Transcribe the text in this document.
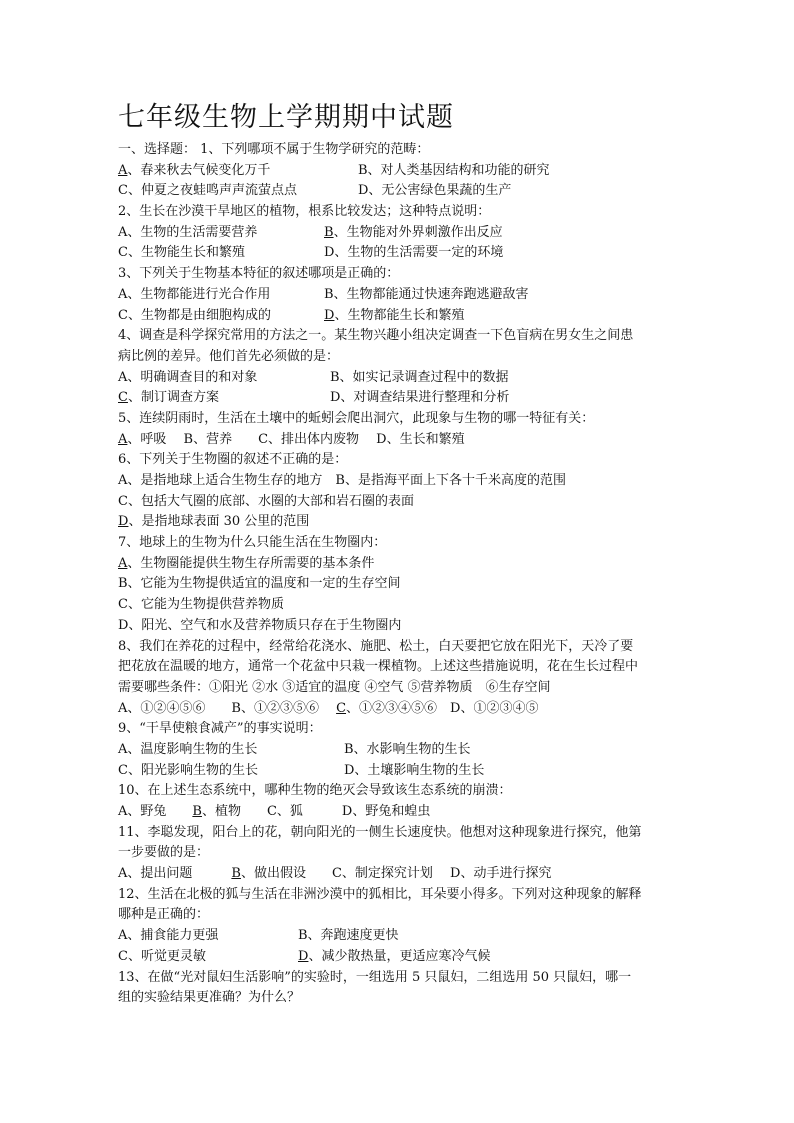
七年级生物上学期期中试题
一、选择题： 1、下列哪项不属于生物学研究的范畴：
A、春来秋去气候变化万千	B、对人类基因结构和功能的研究
C、仲夏之夜蛙鸣声声流萤点点	D、无公害绿色果蔬的生产
2、生长在沙漠干旱地区的植物，根系比较发达；这种特点说明：
A、生物的生活需要营养	B、生物能对外界刺激作出反应
C、生物能生长和繁殖	D、生物的生活需要一定的环境
3、下列关于生物基本特征的叙述哪项是正确的：
A、生物都能进行光合作用	B、生物都能通过快速奔跑逃避敌害
C、生物都是由细胞构成的	D、生物都能生长和繁殖
4、调查是科学探究常用的方法之一。某生物兴趣小组决定调查一下色盲病在男女生之间患
病比例的差异。他们首先必须做的是：
A、明确调查目的和对象	B、如实记录调查过程中的数据
C、制订调查方案	D、对调查结果进行整理和分析
5、连续阴雨时，生活在土壤中的蚯蚓会爬出洞穴，此现象与生物的哪一特征有关：
A、呼吸　 B、营养　　C、排出体内废物　 D、生长和繁殖
6、下列关于生物圈的叙述不正确的是：
A、是指地球上适合生物生存的地方　B、是指海平面上下各十千米高度的范围
C、包括大气圈的底部、水圈的大部和岩石圈的表面
D、是指地球表面 30 公里的范围
7、地球上的生物为什么只能生活在生物圈内：
A、生物圈能提供生物生存所需要的基本条件
B、它能为生物提供适宜的温度和一定的生存空间
C、它能为生物提供营养物质
D、阳光、空气和水及营养物质只存在于生物圈内
8、我们在养花的过程中，经常给花浇水、施肥、松土，白天要把它放在阳光下，天冷了要
把花放在温暖的地方，通常一个花盆中只栽一棵植物。上述这些措施说明，花在生长过程中
需要哪些条件：①阳光 ②水 ③适宜的温度 ④空气 ⑤营养物质　⑥生存空间
A、①②④⑤⑥　　B、①②③⑤⑥　 C、①②③④⑤⑥　D、①②③④⑤
9、“干旱使粮食减产”的事实说明：
A、温度影响生物的生长	B、水影响生物的生长
C、阳光影响生物的生长	D、土壤影响生物的生长
10、在上述生态系统中，哪种生物的绝灭会导致该生态系统的崩溃：
A、野兔　　B、植物　　C、狐　　　D、野兔和蝗虫
11、李聪发现，阳台上的花，朝向阳光的一侧生长速度快。他想对这种现象进行探究，他第
一步要做的是：
A、提出问题　　　B、做出假设　　C、制定探究计划　 D、动手进行探究
12、生活在北极的狐与生活在非洲沙漠中的狐相比，耳朵要小得多。下列对这种现象的解释
哪种是正确的：
A、捕食能力更强	B、奔跑速度更快
C、听觉更灵敏	D、减少散热量，更适应寒冷气候
13、在做“光对鼠妇生活影响”的实验时，一组选用 5 只鼠妇，二组选用 50 只鼠妇，哪一
组的实验结果更准确？为什么？
